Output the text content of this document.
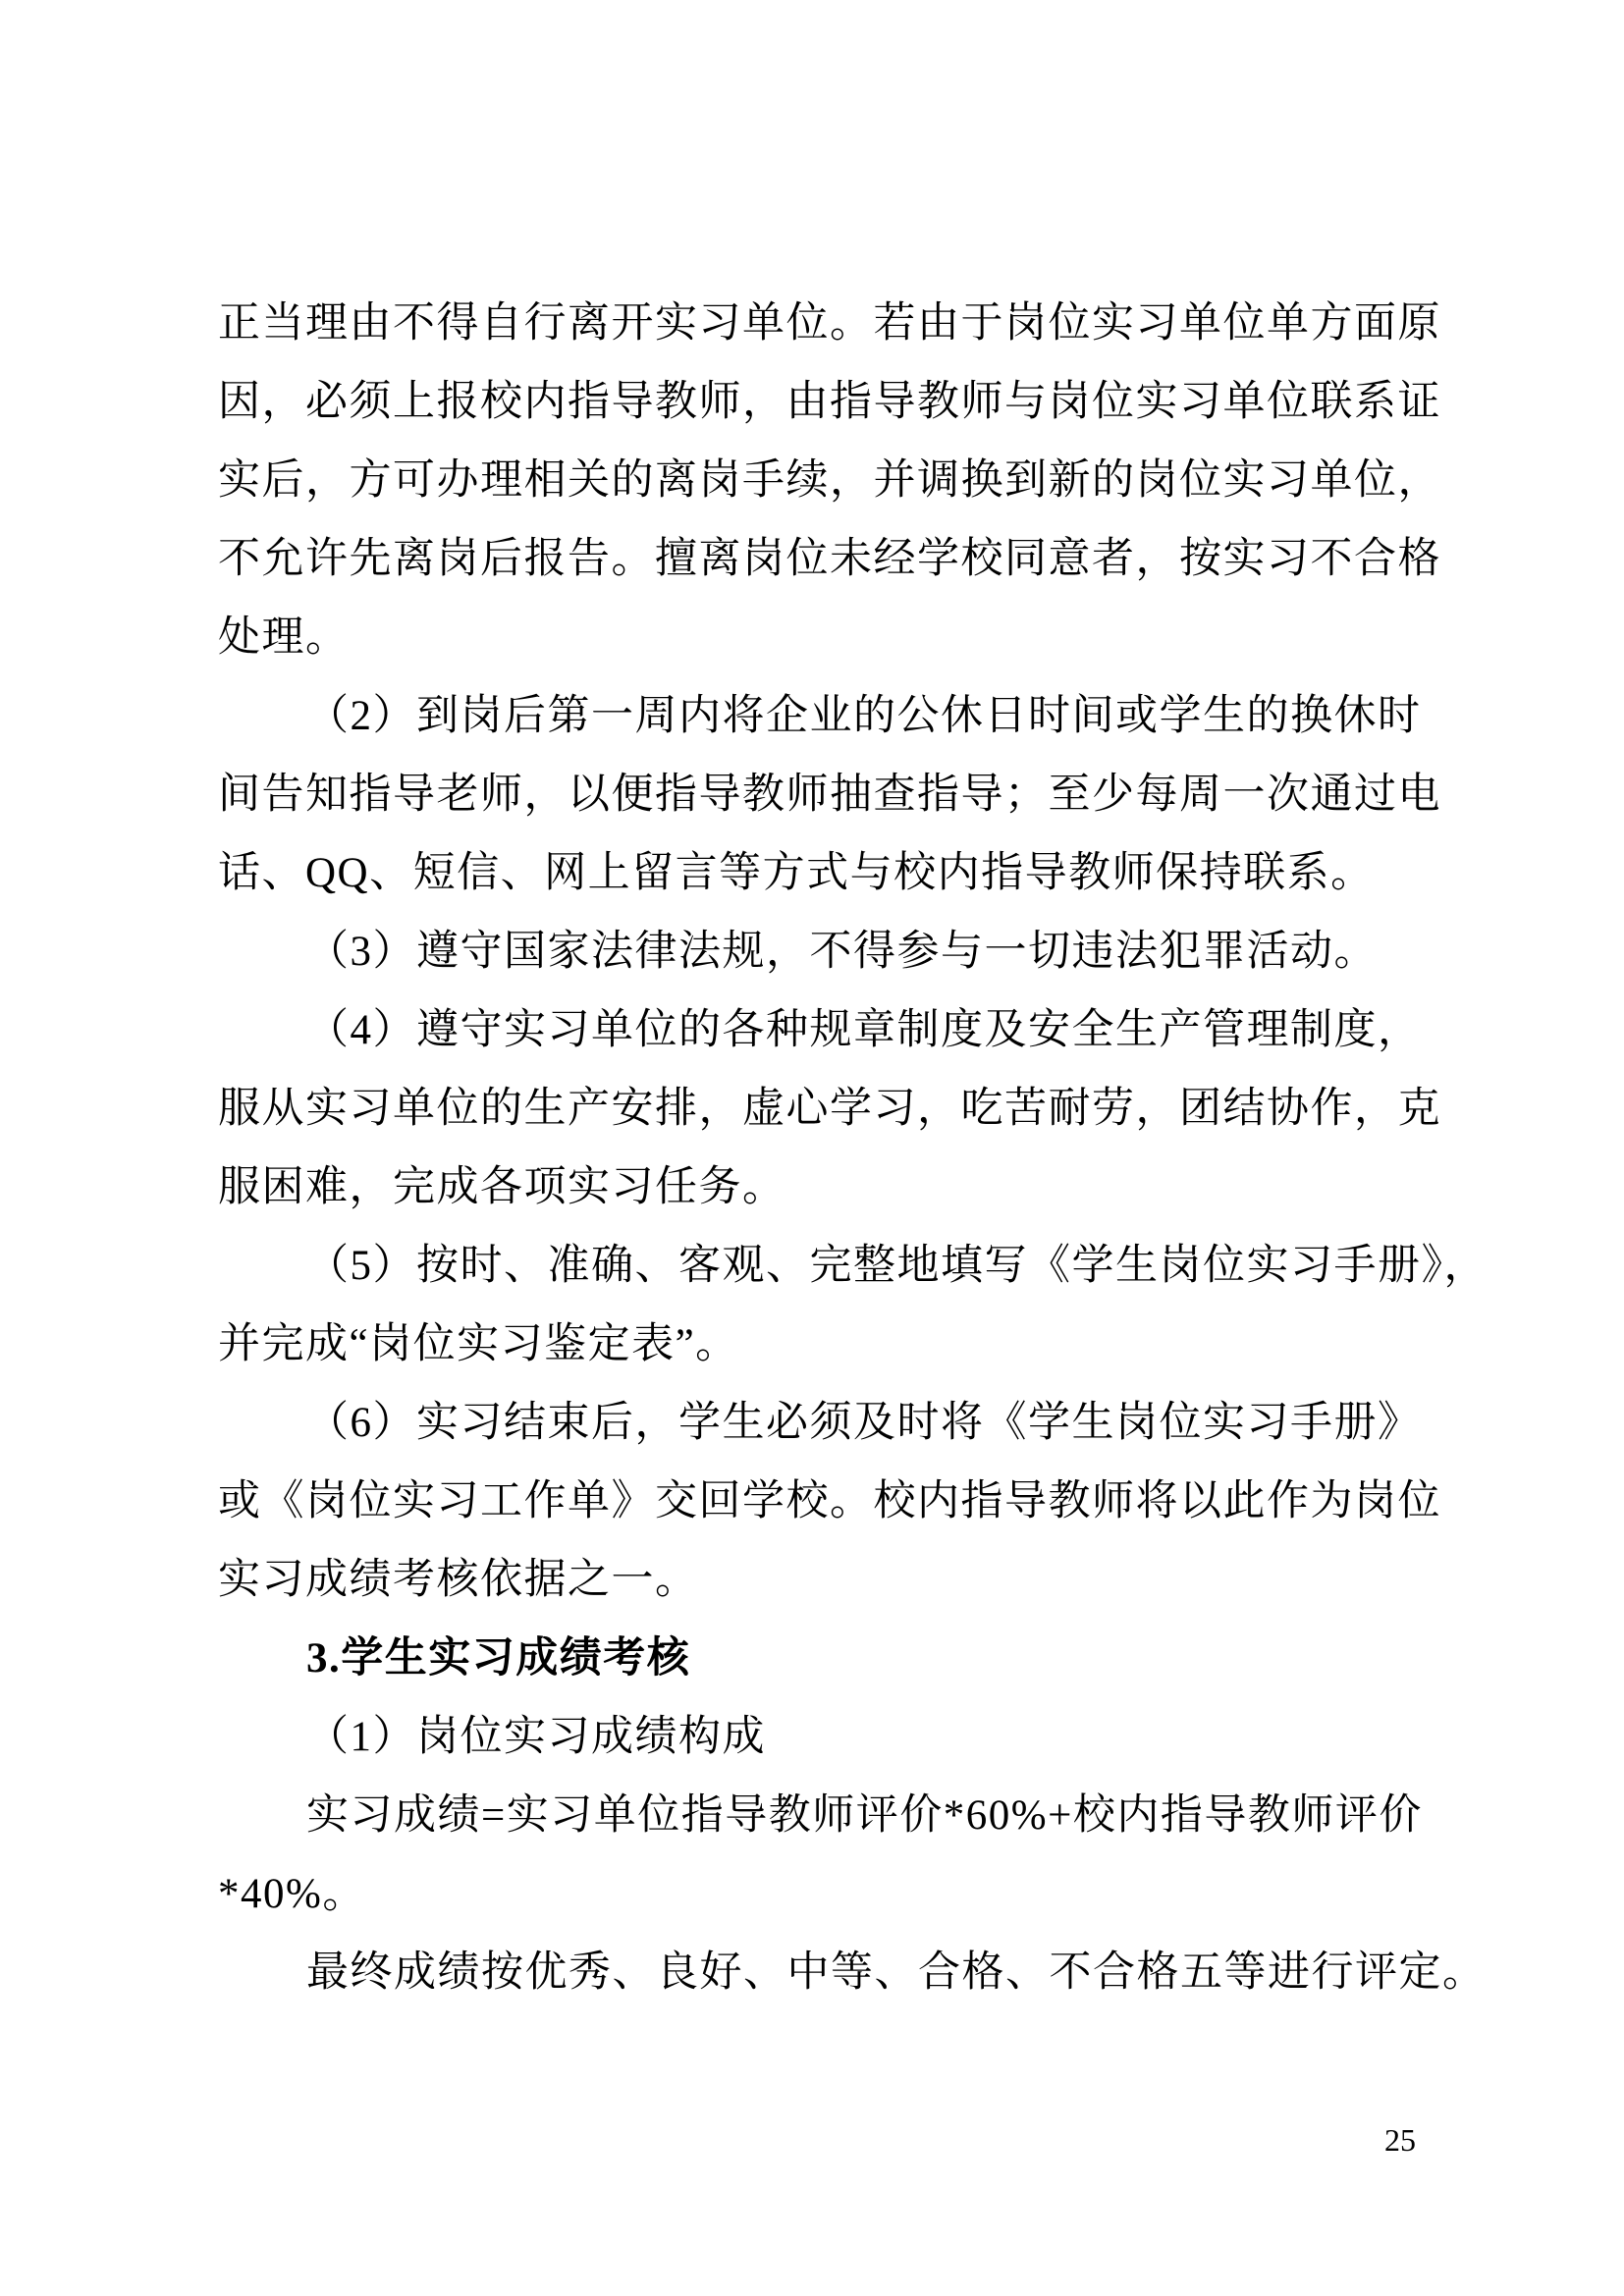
正当理由不得自行离开实习单位。若由于岗位实习单位单方面原
因，必须上报校内指导教师，由指导教师与岗位实习单位联系证
实后，方可办理相关的离岗手续，并调换到新的岗位实习单位，
不允许先离岗后报告。擅离岗位未经学校同意者，按实习不合格
处理。
（2）到岗后第一周内将企业的公休日时间或学生的换休时
间告知指导老师，以便指导教师抽查指导；至少每周一次通过电
话、QQ、短信、网上留言等方式与校内指导教师保持联系。
（3）遵守国家法律法规，不得参与一切违法犯罪活动。
（4）遵守实习单位的各种规章制度及安全生产管理制度，
服从实习单位的生产安排，虚心学习，吃苦耐劳，团结协作，克
服困难，完成各项实习任务。
（5）按时、准确、客观、完整地填写《学生岗位实习手册》，
并完成“岗位实习鉴定表”。
（6）实习结束后，学生必须及时将《学生岗位实习手册》
或《岗位实习工作单》交回学校。校内指导教师将以此作为岗位
实习成绩考核依据之一。
3.学生实习成绩考核
（1）岗位实习成绩构成
实习成绩=实习单位指导教师评价*60%+校内指导教师评价
*40%。
最终成绩按优秀、良好、中等、合格、不合格五等进行评定。
25
